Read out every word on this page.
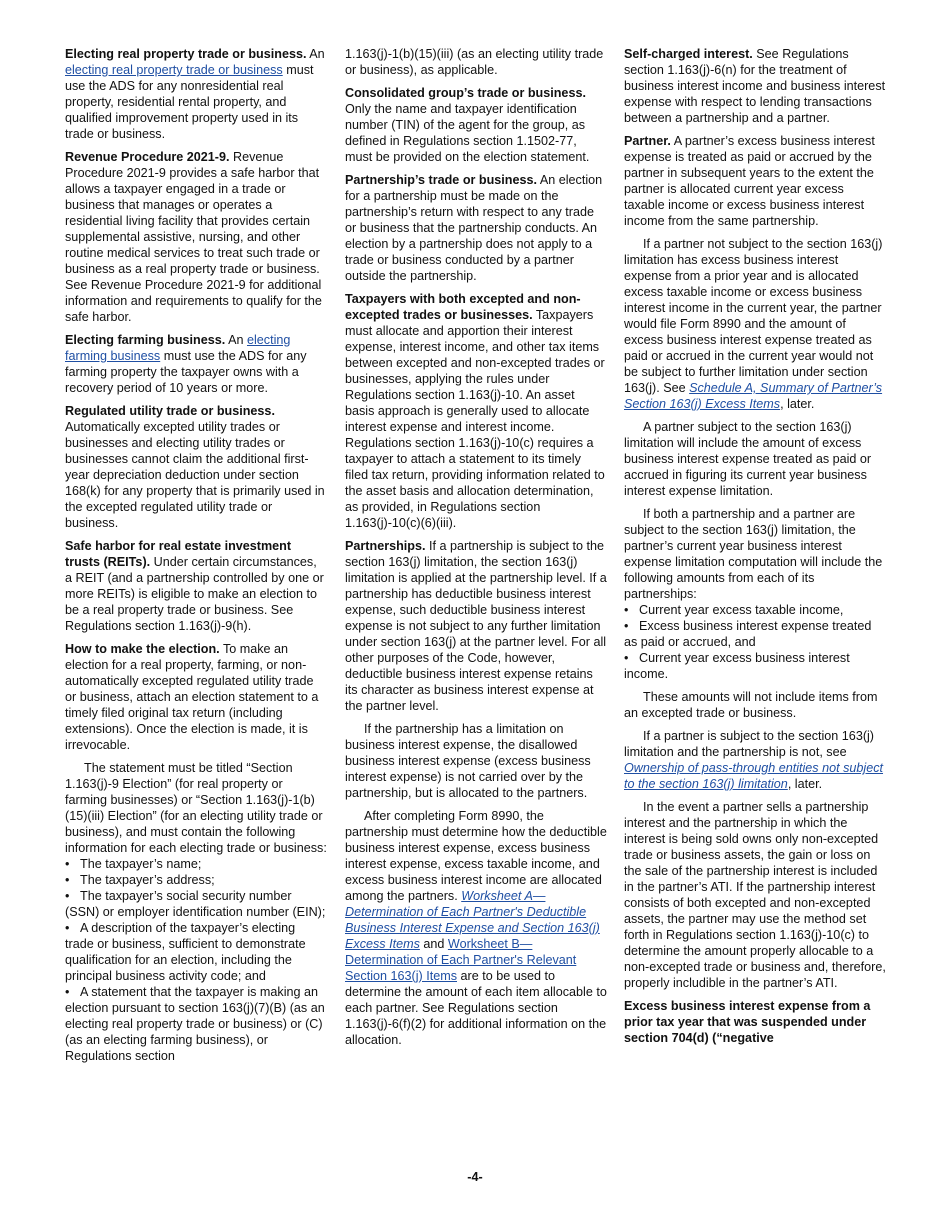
Electing real property trade or business. An electing real property trade or business must use the ADS for any nonresidential real property, residential rental property, and qualified improvement property used in its trade or business.

Revenue Procedure 2021-9. Revenue Procedure 2021-9 provides a safe harbor that allows a taxpayer engaged in a trade or business that manages or operates a residential living facility that provides certain supplemental assistive, nursing, and other routine medical services to treat such trade or business as a real property trade or business. See Revenue Procedure 2021-9 for additional information and requirements to qualify for the safe harbor.

Electing farming business. An electing farming business must use the ADS for any farming property the taxpayer owns with a recovery period of 10 years or more.

Regulated utility trade or business. Automatically excepted utility trades or businesses and electing utility trades or businesses cannot claim the additional first-year depreciation deduction under section 168(k) for any property that is primarily used in the excepted regulated utility trade or business.

Safe harbor for real estate investment trusts (REITs). Under certain circumstances, a REIT (and a partnership controlled by one or more REITs) is eligible to make an election to be a real property trade or business. See Regulations section 1.163(j)-9(h).

How to make the election. To make an election for a real property, farming, or non-automatically excepted regulated utility trade or business, attach an election statement to a timely filed original tax return (including extensions). Once the election is made, it is irrevocable.

The statement must be titled “Section 1.163(j)-9 Election” (for real property or farming businesses) or “Section 1.163(j)-1(b)(15)(iii) Election” (for an electing utility trade or business), and must contain the following information for each electing trade or business:

• The taxpayer’s name;
• The taxpayer’s address;
• The taxpayer’s social security number (SSN) or employer identification number (EIN);
• A description of the taxpayer’s electing trade or business, sufficient to demonstrate qualification for an election, including the principal business activity code; and
• A statement that the taxpayer is making an election pursuant to section 163(j)(7)(B) (as an electing real property trade or business) or (C) (as an electing farming business), or Regulations section

1.163(j)-1(b)(15)(iii) (as an electing utility trade or business), as applicable.

Consolidated group’s trade or business. Only the name and taxpayer identification number (TIN) of the agent for the group, as defined in Regulations section 1.1502-77, must be provided on the election statement.

Partnership’s trade or business. An election for a partnership must be made on the partnership’s return with respect to any trade or business that the partnership conducts. An election by a partnership does not apply to a trade or business conducted by a partner outside the partnership.

Taxpayers with both excepted and non-excepted trades or businesses. Taxpayers must allocate and apportion their interest expense, interest income, and other tax items between excepted and non-excepted trades or businesses, applying the rules under Regulations section 1.163(j)-10. An asset basis approach is generally used to allocate interest expense and interest income. Regulations section 1.163(j)-10(c) requires a taxpayer to attach a statement to its timely filed tax return, providing information related to the asset basis and allocation determination, as provided, in Regulations section 1.163(j)-10(c)(6)(iii).

Partnerships. If a partnership is subject to the section 163(j) limitation, the section 163(j) limitation is applied at the partnership level. If a partnership has deductible business interest expense, such deductible business interest expense is not subject to any further limitation under section 163(j) at the partner level. For all other purposes of the Code, however, deductible business interest expense retains its character as business interest expense at the partner level.

If the partnership has a limitation on business interest expense, the disallowed business interest expense (excess business interest expense) is not carried over by the partnership, but is allocated to the partners.

After completing Form 8990, the partnership must determine how the deductible business interest expense, excess business interest expense, excess taxable income, and excess business interest income are allocated among the partners. Worksheet A—Determination of Each Partner's Deductible Business Interest Expense and Section 163(j) Excess Items and Worksheet B—Determination of Each Partner's Relevant Section 163(j) Items are to be used to determine the amount of each item allocable to each partner. See Regulations section 1.163(j)-6(f)(2) for additional information on the allocation.

Self-charged interest. See Regulations section 1.163(j)-6(n) for the treatment of business interest income and business interest expense with respect to lending transactions between a partnership and a partner.

Partner. A partner’s excess business interest expense is treated as paid or accrued by the partner in subsequent years to the extent the partner is allocated current year excess taxable income or excess business interest income from the same partnership.

If a partner not subject to the section 163(j) limitation has excess business interest expense from a prior year and is allocated excess taxable income or excess business interest income in the current year, the partner would file Form 8990 and the amount of excess business interest expense treated as paid or accrued in the current year would not be subject to further limitation under section 163(j). See Schedule A, Summary of Partner’s Section 163(j) Excess Items, later.

A partner subject to the section 163(j) limitation will include the amount of excess business interest expense treated as paid or accrued in figuring its current year business interest expense limitation.

If both a partnership and a partner are subject to the section 163(j) limitation, the partner’s current year business interest expense limitation computation will include the following amounts from each of its partnerships:

• Current year excess taxable income,
• Excess business interest expense treated as paid or accrued, and
• Current year excess business interest income.

These amounts will not include items from an excepted trade or business.

If a partner is subject to the section 163(j) limitation and the partnership is not, see Ownership of pass-through entities not subject to the section 163(j) limitation, later.

In the event a partner sells a partnership interest and the partnership in which the interest is being sold owns only non-excepted trade or business assets, the gain or loss on the sale of the partnership interest is included in the partner’s ATI. If the partnership interest consists of both excepted and non-excepted assets, the partner may use the method set forth in Regulations section 1.163(j)-10(c) to determine the amount properly allocable to a non-excepted trade or business and, therefore, properly includible in the partner’s ATI.

Excess business interest expense from a prior tax year that was suspended under section 704(d) (“negative

-4-
